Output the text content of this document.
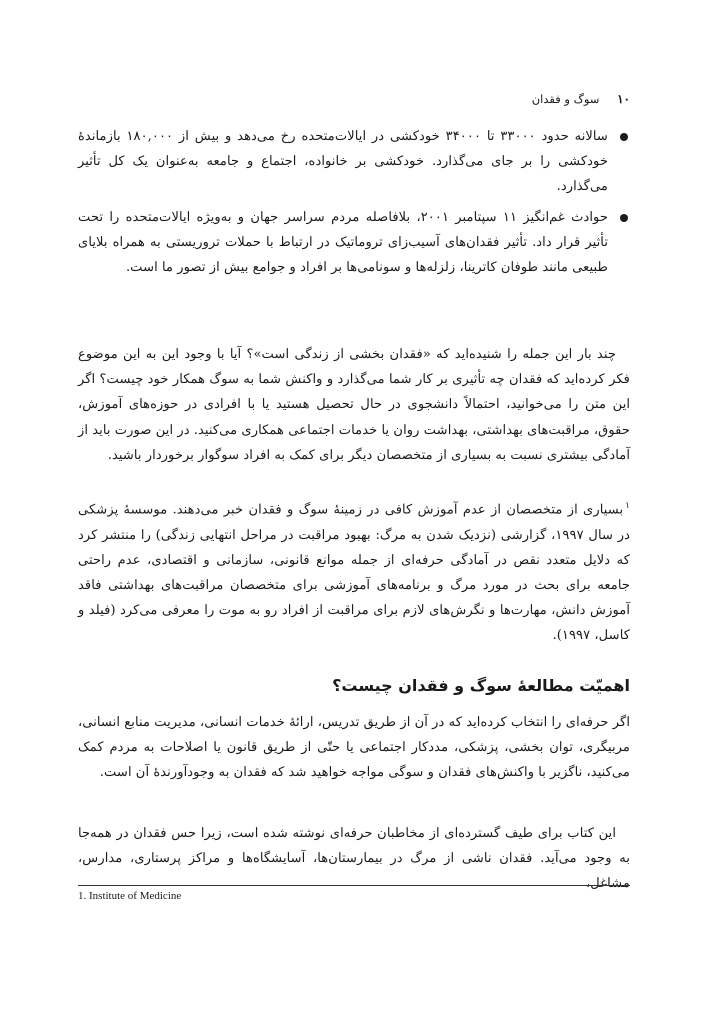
۱۰ سوگ و فقدان
سالانه حدود ۳۳۰۰۰ تا ۳۴۰۰۰ خودکشی در ایالات‌متحده رخ می‌دهد و بیش از ۱۸۰,۰۰۰ بازماندهٔ خودکشی را بر جای می‌گذارد. خودکشی بر خانواده، اجتماع و جامعه به‌عنوان یک کل تأثیر می‌گذارد.
حوادث غم‌انگیز ۱۱ سپتامبر ۲۰۰۱، بلافاصله مردم سراسر جهان و به‌ویژه ایالات‌متحده را تحت تأثیر قرار داد. تأثیر فقدان‌های آسیب‌زای تروماتیک در ارتباط با حملات تروریستی به همراه بلایای طبیعی مانند طوفان کاترینا، زلزله‌ها و سونامی‌ها بر افراد و جوامع بیش از تصور ما است.

چند بار این جمله را شنیده‌اید که «فقدان بخشی از زندگی است»؟ آیا با وجود این به این موضوع فکر کرده‌اید که فقدان چه تأثیری بر کار شما می‌گذارد و واکنش شما به سوگ همکار خود چیست؟ اگر این متن را می‌خوانید، احتمالاً دانشجوی در حال تحصیل هستید یا با افرادی در حوزه‌های آموزش، حقوق، مراقبت‌های بهداشتی، بهداشت روان یا خدمات اجتماعی همکاری می‌کنید. در این صورت باید از آمادگی بیشتری نسبت به بسیاری از متخصصان دیگر برای کمک به افراد سوگوار برخوردار باشید.

$^۱$بسیاری از متخصصان از عدم آموزش کافی در زمینهٔ سوگ و فقدان خبر می‌دهند. موسسهٔ پزشکی در سال ۱۹۹۷، گزارشی (نزدیک شدن به مرگ: بهبود مراقبت در مراحل انتهایی زندگی) را منتشر کرد که دلایل متعدد نقص در آمادگی حرفه‌ای از جمله موانع قانونی، سازمانی و اقتصادی، عدم راحتی جامعه برای بحث در مورد مرگ و برنامه‌های آموزشی برای متخصصان مراقبت‌های بهداشتی فاقد آموزش دانش، مهارت‌ها و نگرش‌های لازم برای مراقبت از افراد رو به موت را معرفی می‌کرد (فیلد و کاسل، ۱۹۹۷).

اهمیّت مطالعهٔ سوگ و فقدان چیست؟

اگر حرفه‌ای را انتخاب کرده‌اید که در آن از طریق تدریس، ارائهٔ خدمات انسانی، مدیریت منابع انسانی، مربیگری، توان بخشی، پزشکی، مددکار اجتماعی یا حتّی از طریق قانون یا اصلاحات به مردم کمک می‌کنید، ناگزیر با واکنش‌های فقدان و سوگی مواجه خواهید شد که فقدان به وجودآورندهٔ آن است.

این کتاب برای طیف گسترده‌ای از مخاطبان حرفه‌ای نوشته شده است، زیرا حس فقدان در همه‌جا به وجود می‌آید. فقدان ناشی از مرگ در بیمارستان‌ها، آسایشگاه‌ها و مراکز پرستاری، مدارس، مشاغل،

1. Institute of Medicine
